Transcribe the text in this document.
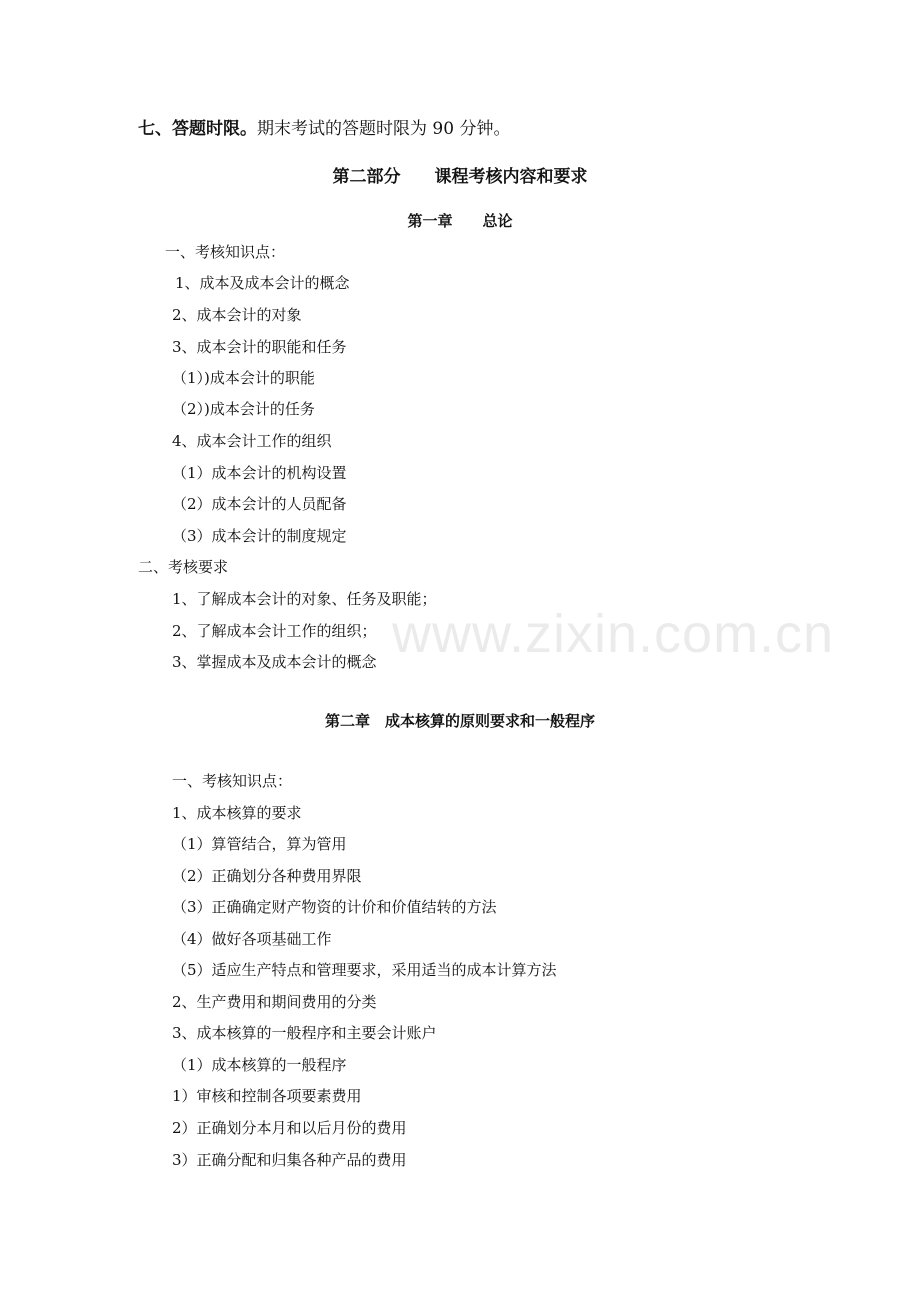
www.zixin.com.cn
七、答题时限。期末考试的答题时限为 90 分钟。
第二部分　　课程考核内容和要求
第一章　　总论
一、考核知识点：
1、成本及成本会计的概念
2、成本会计的对象
3、成本会计的职能和任务
（1）)成本会计的职能
（2）)成本会计的任务
4、成本会计工作的组织
（1）成本会计的机构设置
（2）成本会计的人员配备
（3）成本会计的制度规定
二、考核要求
1、了解成本会计的对象、任务及职能；
2、了解成本会计工作的组织；
3、掌握成本及成本会计的概念
第二章　成本核算的原则要求和一般程序
一、考核知识点：
1、成本核算的要求
（1）算管结合，算为管用
（2）正确划分各种费用界限
（3）正确确定财产物资的计价和价值结转的方法
（4）做好各项基础工作
（5）适应生产特点和管理要求，采用适当的成本计算方法
2、生产费用和期间费用的分类
3、成本核算的一般程序和主要会计账户
（1）成本核算的一般程序
1）审核和控制各项要素费用
2）正确划分本月和以后月份的费用
3）正确分配和归集各种产品的费用
